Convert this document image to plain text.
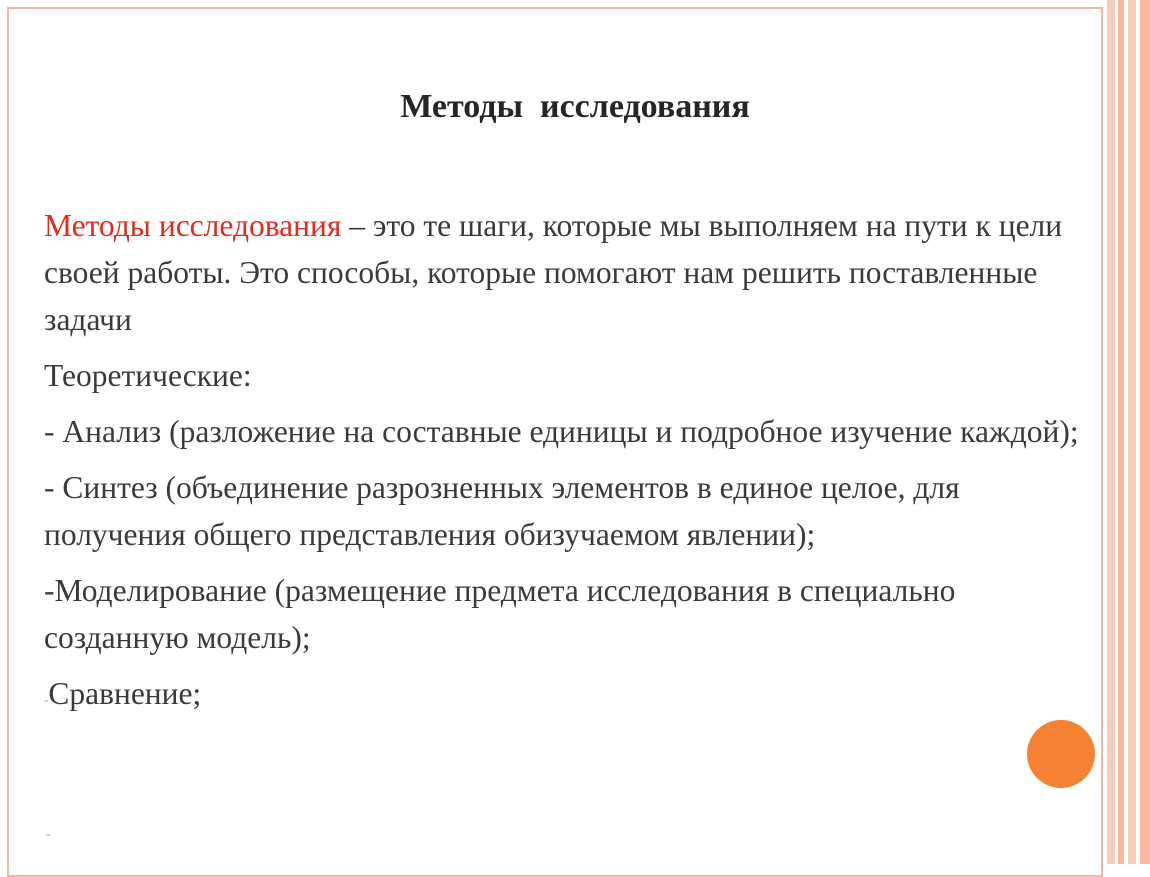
Методы  исследования

Методы исследования – это те шаги, которые мы выполняем на пути к цели своей работы. Это способы, которые помогают нам решить поставленные задачи

Теоретические:

- Анализ (разложение на составные единицы и подробное изучение каждой);

- Синтез (объединение разрозненных элементов в единое целое, для получения общего представления обизучаемом явлении);

-Моделирование (размещение предмета исследования в специально созданную модель);

-Сравнение;

-
